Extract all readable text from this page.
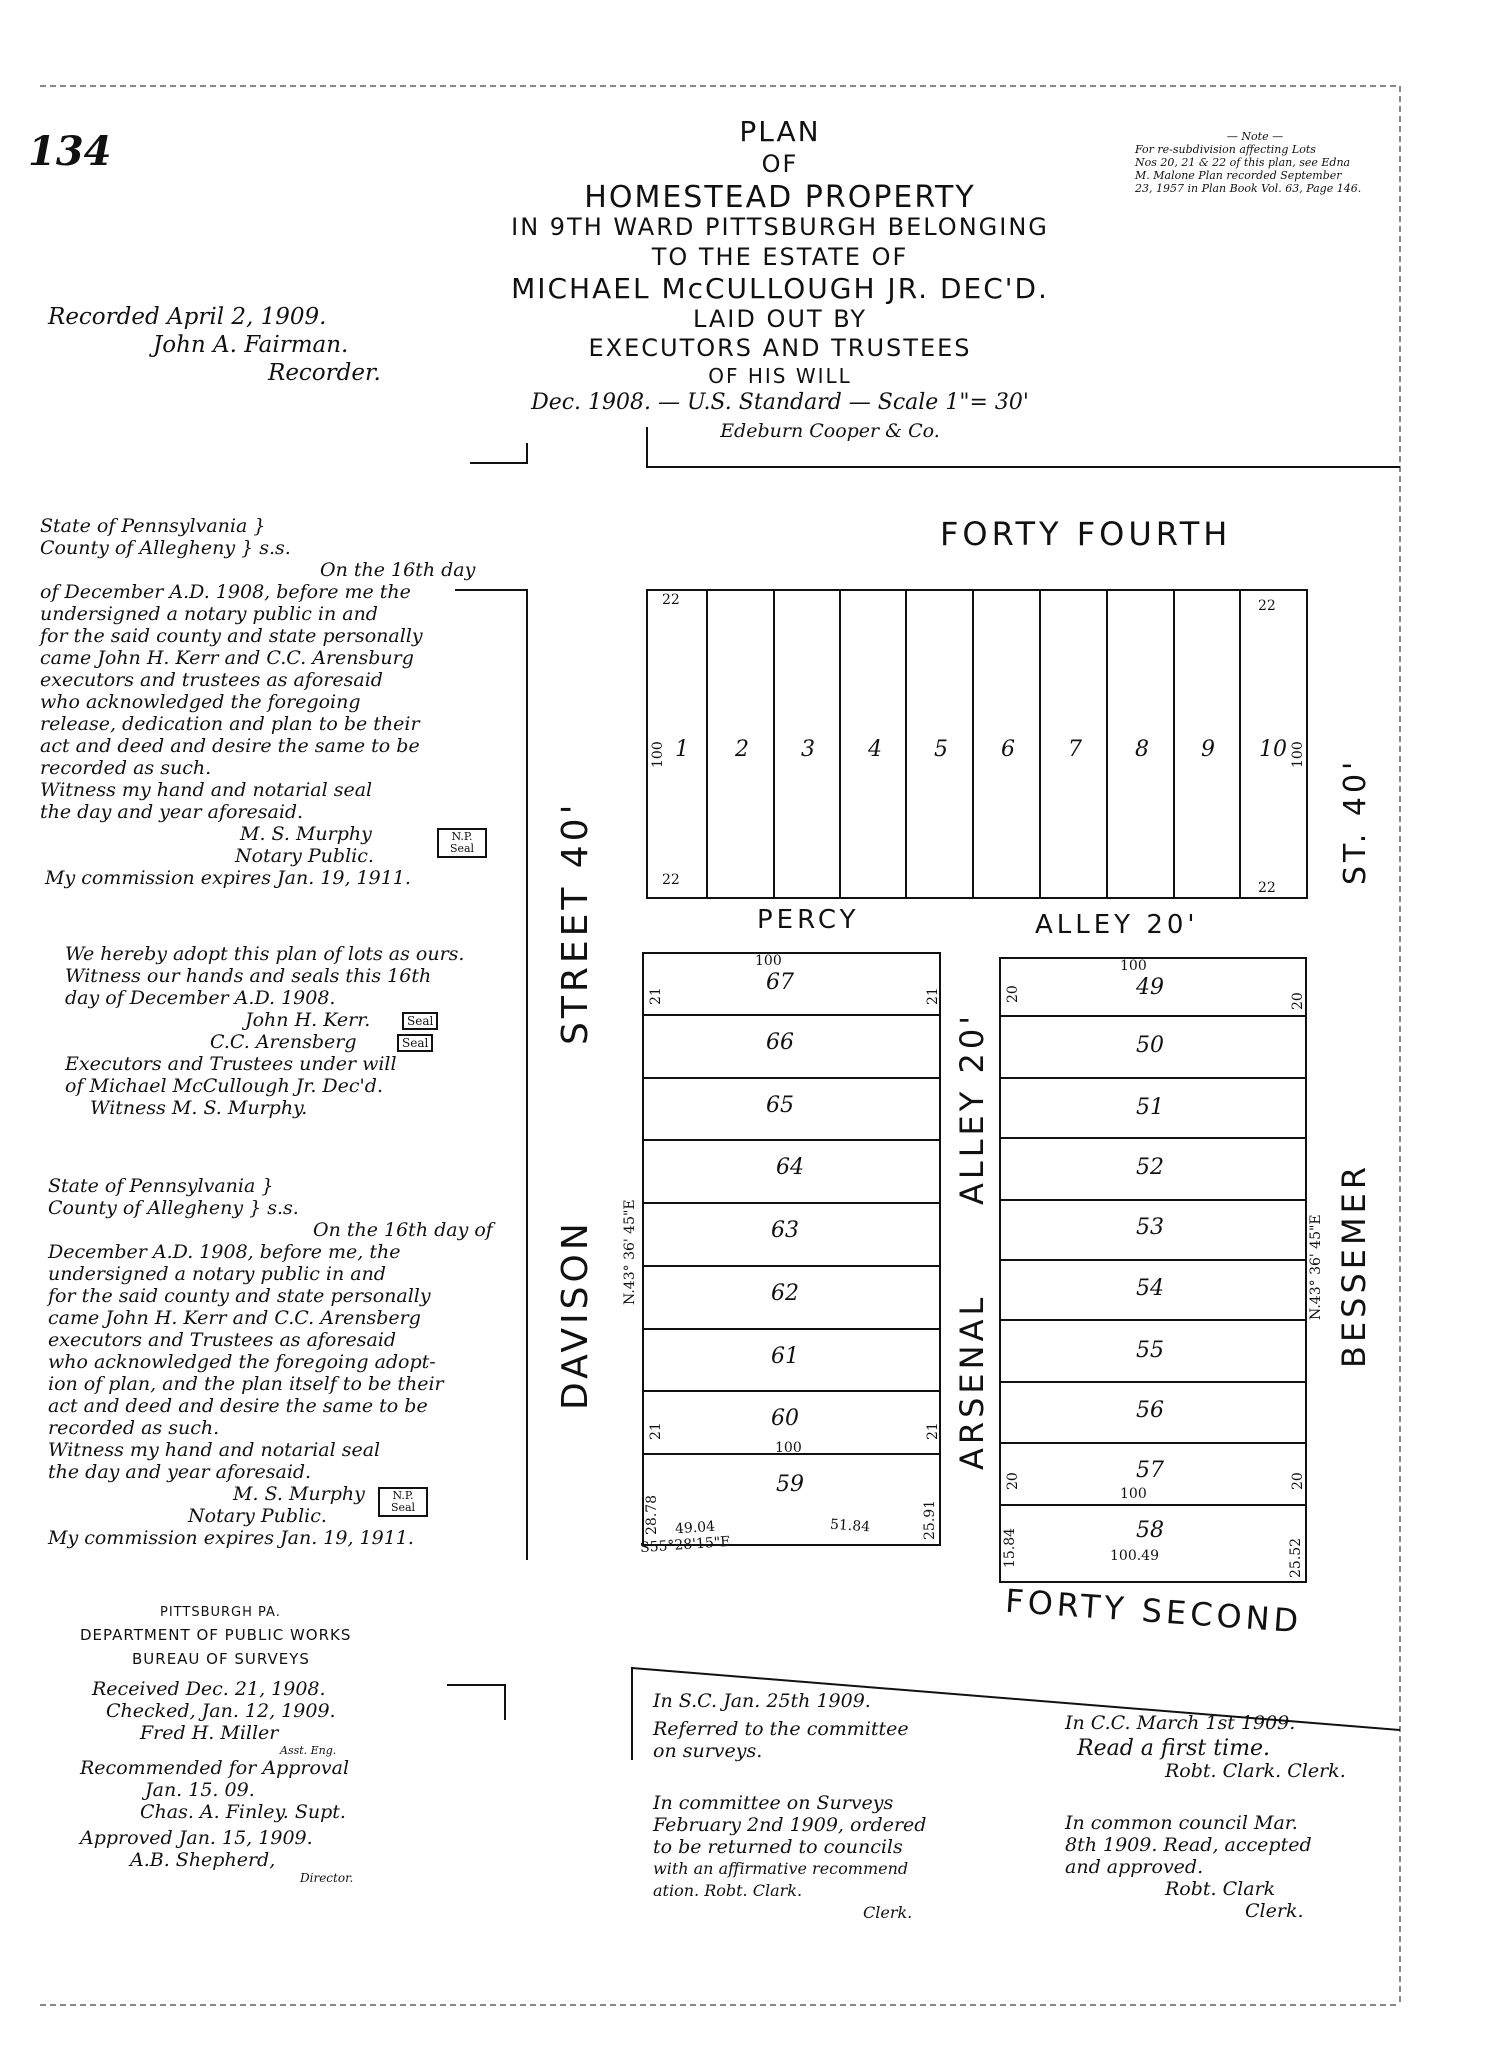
134	PLAN
OF
HOMESTEAD PROPERTY
IN 9TH WARD PITTSBURGH BELONGING
TO THE ESTATE OF
MICHAEL McCULLOUGH JR. DEC'D.
LAID OUT BY
EXECUTORS AND TRUSTEES
OF HIS WILL
Dec. 1908. — U.S. Standard — Scale 1"= 30'
Edeburn Cooper & Co.
— Note —
For re-subdivision affecting Lots
Nos 20, 21 & 22 of this plan, see Edna
M. Malone Plan recorded September
23, 1957 in Plan Book Vol. 63, Page 146.
Recorded April 2, 1909.
John A. Fairman.
Recorder.
State of Pennsylvania }
County of Allegheny } s.s.
On the 16th day
of December A.D. 1908, before me the
undersigned a notary public in and
for the said county and state personally
came John H. Kerr and C.C. Arensburg
executors and trustees as aforesaid
who acknowledged the foregoing
release, dedication and plan to be their
act and deed and desire the same to be
recorded as such.
Witness my hand and notarial seal
the day and year aforesaid.
M. S. Murphy
Notary Public.
My commission expires Jan. 19, 1911.
N.P. Seal
We hereby adopt this plan of lots as ours.
Witness our hands and seals this 16th
day of December A.D. 1908.
John H. Kerr.
C.C. Arensberg
Executors and Trustees under will
of Michael McCullough Jr. Dec'd.
Witness M. S. Murphy.
Seal
Seal
State of Pennsylvania }
County of Allegheny } s.s.
On the 16th day of
December A.D. 1908, before me, the
undersigned a notary public in and
for the said county and state personally
came John H. Kerr and C.C. Arensberg
executors and Trustees as aforesaid
who acknowledged the foregoing adopt-
ion of plan, and the plan itself to be their
act and deed and desire the same to be
recorded as such.
Witness my hand and notarial seal
the day and year aforesaid.
M. S. Murphy
Notary Public.
My commission expires Jan. 19, 1911.
N.P. Seal
PITTSBURGH PA.
DEPARTMENT OF PUBLIC WORKS
BUREAU OF SURVEYS
Received Dec. 21, 1908.
Checked, Jan. 12, 1909.
Fred H. Miller
Asst. Eng.
Recommended for Approval
Jan. 15. 09.
Chas. A. Finley. Supt.
Approved Jan. 15, 1909.
A.B. Shepherd,
Director.
In S.C. Jan. 25th 1909.
Referred to the committee
on surveys.
In committee on Surveys
February 2nd 1909, ordered
to be returned to councils
with an affirmative recommend
ation. Robt. Clark.
Clerk.
In C.C. March 1st 1909.
Read a first time.
Robt. Clark. Clerk.
In common council Mar.
8th 1909. Read, accepted
and approved.
Robt. Clark
Clerk.
FORTY FOURTH
FORTY SECOND
PERCY	ALLEY 20'
DAVISON
STREET 40'
ARSENAL
ALLEY 20'
BESSEMER
ST. 40'
1	2	3	4	5	6	7	8	9	10
22	22
22	22
100	100
67
66
65
64
63
62
61
60
59
49
50
51
52
53
54
55
56
57
58
100
100
100
100
21	21
21	21
20	20
20	20
N.43° 36' 45"E	N.43° 36' 45"E
28.78	25.91
49.04	51.84
S55°28'15"E	15.84	25.52
100.49
